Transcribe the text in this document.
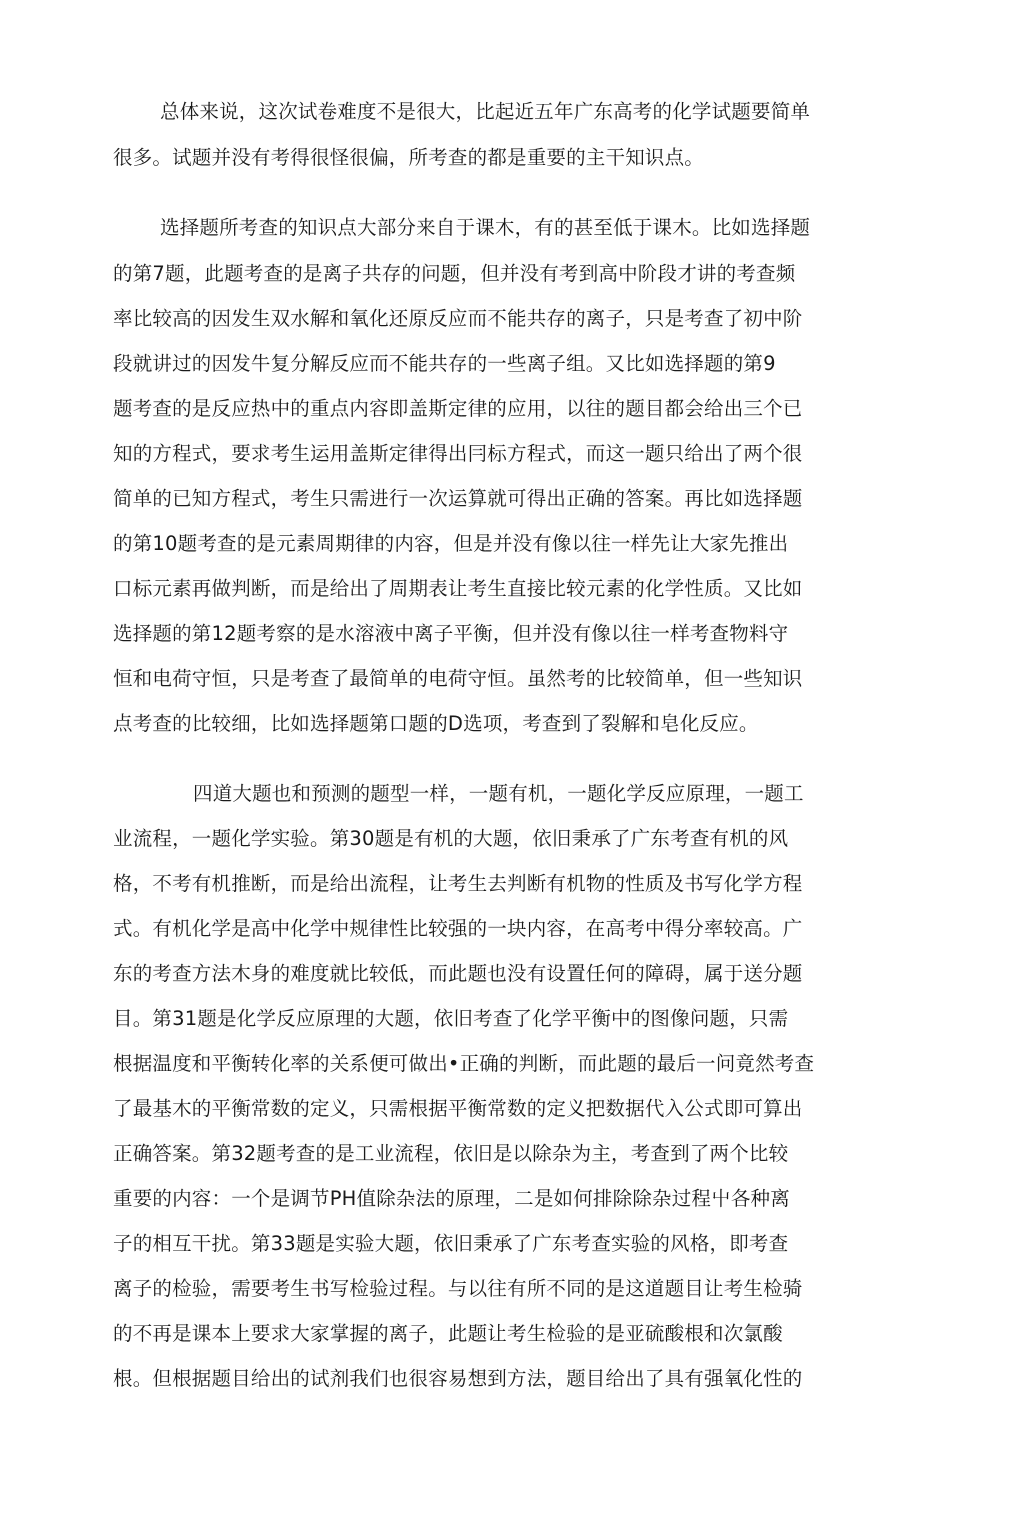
总体来说，这次试卷难度不是很大，比起近五年广东高考的化学试题要简单
很多。试题并没有考得很怪很偏，所考查的都是重要的主干知识点。
选择题所考查的知识点大部分来自于课木，有的甚至低于课木。比如选择题
的第7题，此题考查的是离子共存的问题，但并没有考到高中阶段才讲的考查频
率比较高的因发生双水解和氧化还原反应而不能共存的离子，只是考查了初中阶
段就讲过的因发牛复分解反应而不能共存的一些离子组。又比如选择题的第9
题考查的是反应热中的重点内容即盖斯定律的应用，以往的题目都会给出三个已
知的方程式，要求考生运用盖斯定律得出冃标方程式，而这一题只给出了两个很
简单的已知方程式，考生只需进行一次运算就可得出正确的答案。再比如选择题
的第10题考查的是元素周期律的内容，但是并没有像以往一样先让大家先推出
口标元素再做判断，而是给出了周期表让考生直接比较元素的化学性质。又比如
选择题的第12题考察的是水溶液中离子平衡，但并没有像以往一样考查物料守
恒和电荷守恒，只是考查了最简单的电荷守恒。虽然考的比较简单，但一些知识
点考查的比较细，比如选择题第口题的D选项，考查到了裂解和皂化反应。
四道大题也和预测的题型一样，一题有机，一题化学反应原理，一题工
业流程，一题化学实验。第30题是有机的大题，依旧秉承了广东考查有机的风
格，不考有机推断，而是给出流程，让考生去判断有机物的性质及书写化学方程
式。有机化学是高中化学中规律性比较强的一块内容，在高考中得分率较高。广
东的考查方法木身的难度就比较低，而此题也没有设置任何的障碍，属于送分题
目。第31题是化学反应原理的大题，依旧考查了化学平衡中的图像问题，只需
根据温度和平衡转化率的关系便可做出•正确的判断，而此题的最后一问竟然考查
了最基木的平衡常数的定义，只需根据平衡常数的定义把数据代入公式即可算出
正确答案。第32题考查的是工业流程，依旧是以除杂为主，考查到了两个比较
重要的内容：一个是调节PH值除杂法的原理，二是如何排除除杂过程屮各种离
子的相互干扰。第33题是实验大题，依旧秉承了广东考查实验的风格，即考查
离子的检验，需要考生书写检验过程。与以往有所不同的是这道题目让考生检骑
的不再是课本上要求大家掌握的离子，此题让考生检验的是亚硫酸根和次氯酸
根。但根据题目给出的试剂我们也很容易想到方法，题目给出了具有强氧化性的
